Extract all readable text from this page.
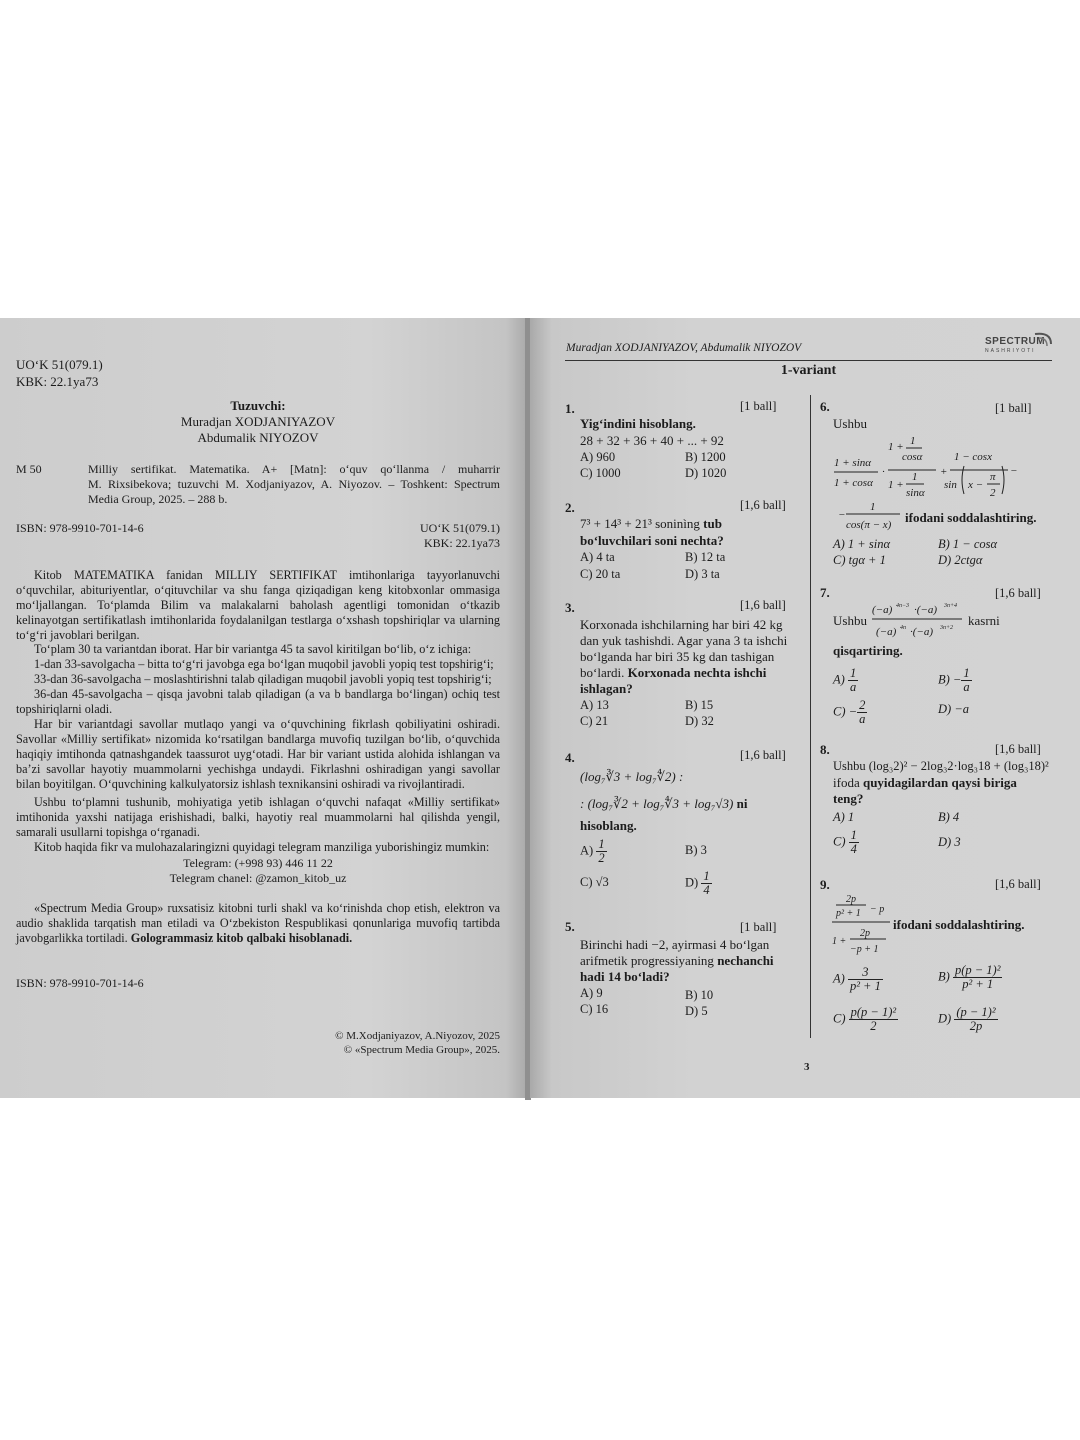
UO‘K 51(079.1)
KBK: 22.1ya73
Tuzuvchi:
Muradjan XODJANIYAZOV
Abdumalik NIYOZOV
M 50	Milliy sertifikat. Matematika. A+ [Matn]: o‘quv qo‘llanma / muharrir
M. Rixsibekova; tuzuvchi M. Xodjaniyazov, A. Niyozov. – Toshkent: Spectrum
Media Group, 2025. – 288 b.
ISBN: 978-9910-701-14-6	UO‘K 51(079.1)
KBK: 22.1ya73
Kitob MATEMATIKA fanidan MILLIY SERTIFIKAT imtihonlariga tayyorlanuvchi o‘quvchilar, abituriyentlar, o‘qituvchilar va shu fanga qiziqadigan keng kitobxonlar ommasiga mo‘ljallangan. To‘plamda Bilim va malakalarni baholash agentligi tomonidan o‘tkazib kelinayotgan sertifikatlash imtihonlarida foydalanilgan testlarga o‘xshash topshiriqlar va ularning to‘g‘ri javoblari berilgan.
To‘plam 30 ta variantdan iborat. Har bir variantga 45 ta savol kiritilgan bo‘lib, o‘z ichiga:
1-dan 33-savolgacha – bitta to‘g‘ri javobga ega bo‘lgan muqobil javobli yopiq test topshirig‘i;
33-dan 36-savolgacha – moslashtirishni talab qiladigan muqobil javobli yopiq test topshirig‘i;
36-dan 45-savolgacha – qisqa javobni talab qiladigan (a va b bandlarga bo‘lingan) ochiq test topshiriqlarni oladi.
Har bir variantdagi savollar mutlaqo yangi va o‘quvchining fikrlash qobiliyatini oshiradi. Savollar «Milliy sertifikat» nizomida ko‘rsatilgan bandlarga muvofiq tuzilgan bo‘lib, o‘quvchida haqiqiy imtihonda qatnashgandek taassurot uyg‘otadi. Har bir variant ustida alohida ishlangan va ba’zi savollar hayotiy muammolarni yechishga undaydi. Fikrlashni oshiradigan yangi savollar bilan boyitilgan. O‘quvchining kalkulyatorsiz ishlash texnikansini oshiradi va rivojlantiradi.
Ushbu to‘plamni tushunib, mohiyatiga yetib ishlagan o‘quvchi nafaqat «Milliy sertifikat» imtihonida yaxshi natijaga erishishadi, balki, hayotiy real muammolarni hal qilishda yengil, samarali usullarni topishga o‘rganadi.
Kitob haqida fikr va mulohazalaringizni quyidagi telegram manziliga yuborishingiz mumkin:
Telegram: (+998 93) 446 11 22
Telegram chanel: @zamon_kitob_uz
«Spectrum Media Group» ruxsatisiz kitobni turli shakl va ko‘rinishda chop etish, elektron va audio shaklida tarqatish man etiladi va O‘zbekiston Respublikasi qonunlariga muvofiq tartibda javobgarlikka tortiladi. Gologrammasiz kitob qalbaki hisoblanadi.
ISBN: 978-9910-701-14-6
© M.Xodjaniyazov, A.Niyozov, 2025
© «Spectrum Media Group», 2025.
Muradjan XODJANIYAZOV, Abdumalik NIYOZOV
SPECTRUM
NASHRIYOTI
1-variant
1.	[1 ball]
Yig‘indini hisoblang.
28 + 32 + 36 + 40 + ... + 92
A) 960	B) 1200
C) 1000	D) 1020
2.	[1,6 ball]
7³ + 14³ + 21³ soninìng tub
bo‘luvchilari soni nechta?
A) 4 ta	B) 12 ta
C) 20 ta	D) 3 ta
3.	[1,6 ball]
Korxonada ishchilarning har biri 42 kg
dan yuk tashishdi. Agar yana 3 ta ishchi
bo‘lganda har biri 35 kg dan tashigan
bo‘lardi. Korxonada nechta ishchi
ishlagan?
A) 13	B) 15
C) 21	D) 32
4.	[1,6 ball]
(log₇∛3 + log₇∜2) :
: (log₇∛2 + log₇∜3 + log₇√3) ni
hisoblang.
$A) \frac{1}{2}$	B) 3
C) √3	$D) \frac{1}{4}$
5.	[1 ball]
Birinchi hadi −2, ayirmasi 4 bo‘lgan
arifmetik progressiyaning nechanchi
hadi 14 bo‘ladi?
A) 9	B) 10
C) 16	D) 5
6.	[1 ball]
Ushbu
1 + sinα
1 + cosα
·
1 + 1
cosα
1 +
1
sinα
+
1 − cosx
sin x −
π
2
−
−
1
cos(π − x) ifodani soddalashtiring.
A) 1 + sinα	B) 1 − cosα
C) tgα + 1	D) 2ctgα
7.	[1,6 ball]
Ushbu
(−a) 4n−3 ·(−a) 3n+4
(−a) 4n ·(−a) 3n+2 kasrni
qisqartiring.
$A) \frac{1}{a}$	$B) - \frac{1}{a}$
$C) - \frac{2}{a}$	D) −a
8.	[1,6 ball]
Ushbu (log₃2)² − 2log₃2·log₃18 + (log₃18)²
ifoda quyidagilardan qaysi biriga
teng?
A) 1	B) 4
$C) \frac{1}{4}$	D) 3
9.	[1,6 ball]
2p
p² + 1 − p
1 +
2p
−p + 1
ifodani soddalashtiring.
$A) \frac{3}{\text{p² + 1}}$	$B) \frac{\text{p(p − 1)²}}{\text{p² + 1}}$
$C) \frac{\text{p(p − 1)²}}{2}$	$D) \frac{\text{(p − 1)²}}{2p}$
3
